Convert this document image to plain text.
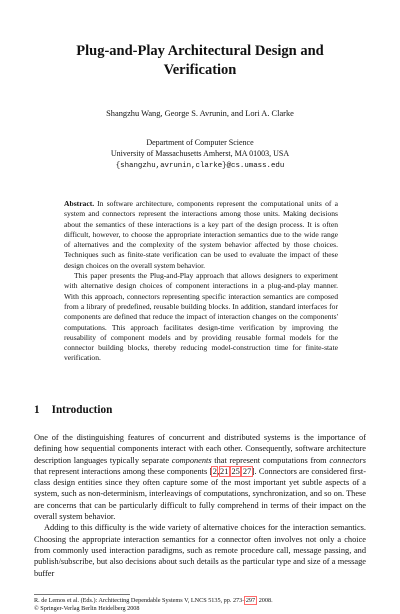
Plug-and-Play Architectural Design and
Verification

Shangzhu Wang, George S. Avrunin, and Lori A. Clarke

Department of Computer Science
University of Massachusetts Amherst, MA 01003, USA
{shangzhu,avrunin,clarke}@cs.umass.edu

Abstract. In software architecture, components represent the computational units of a system and connectors represent the interactions among those units. Making decisions about the semantics of these interactions is a key part of the design process. It is often difficult, however, to choose the appropriate interaction semantics due to the wide range of alternatives and the complexity of the system behavior affected by those choices. Techniques such as finite-state verification can be used to evaluate the impact of these design choices on the overall system behavior.

This paper presents the Plug-and-Play approach that allows designers to experiment with alternative design choices of component interactions in a plug-and-play manner. With this approach, connectors representing specific interaction semantics are composed from a library of predefined, reusable building blocks. In addition, standard interfaces for components are defined that reduce the impact of interaction changes on the components' computations. This approach facilitates design-time verification by improving the reusability of component models and by providing reusable formal models for the connector building blocks, thereby reducing model-construction time for finite-state verification.

1 Introduction

One of the distinguishing features of concurrent and distributed systems is the importance of defining how sequential components interact with each other. Consequently, software architecture description languages typically separate components that represent computations from connectors that represent interactions among these components [2,21,25,27]. Connectors are considered first-class design entities since they often capture some of the most important yet subtle aspects of a system, such as non-determinism, interleavings of computations, synchronization, and so on. These are concerns that can be particularly difficult to fully comprehend in terms of their impact on the overall system behavior.

Adding to this difficulty is the wide variety of alternative choices for the interaction semantics. Choosing the appropriate interaction semantics for a connector often involves not only a choice from commonly used interaction paradigms, such as remote procedure call, message passing, and publish/subscribe, but also decisions about such details as the particular type and size of a message buffer

R. de Lemos et al. (Eds.): Architecting Dependable Systems V, LNCS 5135, pp. 273–297, 2008.
© Springer-Verlag Berlin Heidelberg 2008
